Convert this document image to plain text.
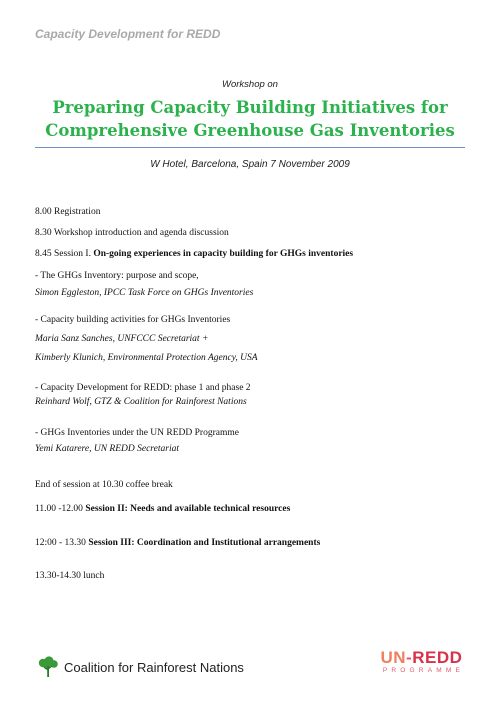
Capacity Development for REDD
Workshop on
Preparing Capacity Building Initiatives for
Comprehensive Greenhouse Gas Inventories
W Hotel, Barcelona, Spain 7 November 2009
8.00 Registration
8.30 Workshop introduction and agenda discussion
8.45 Session I. On-going experiences in capacity building for GHGs inventories
- The GHGs Inventory: purpose and scope,
Simon Eggleston, IPCC Task Force on GHGs Inventories
- Capacity building activities for GHGs Inventories
Maria Sanz Sanches, UNFCCC Secretariat +
Kimberly Klunich, Environmental Protection Agency, USA
- Capacity Development for REDD: phase 1 and phase 2
Reinhard Wolf, GTZ & Coalition for Rainforest Nations
- GHGs Inventories under the UN REDD Programme
Yemi Katarere, UN REDD Secretariat
End of session at 10.30 coffee break
11.00 -12.00 Session II: Needs and available technical resources
12:00 - 13.30 Session III: Coordination and Institutional arrangements
13.30-14.30 lunch
Coalition for Rainforest Nations	UN-REDD
PROGRAMME
